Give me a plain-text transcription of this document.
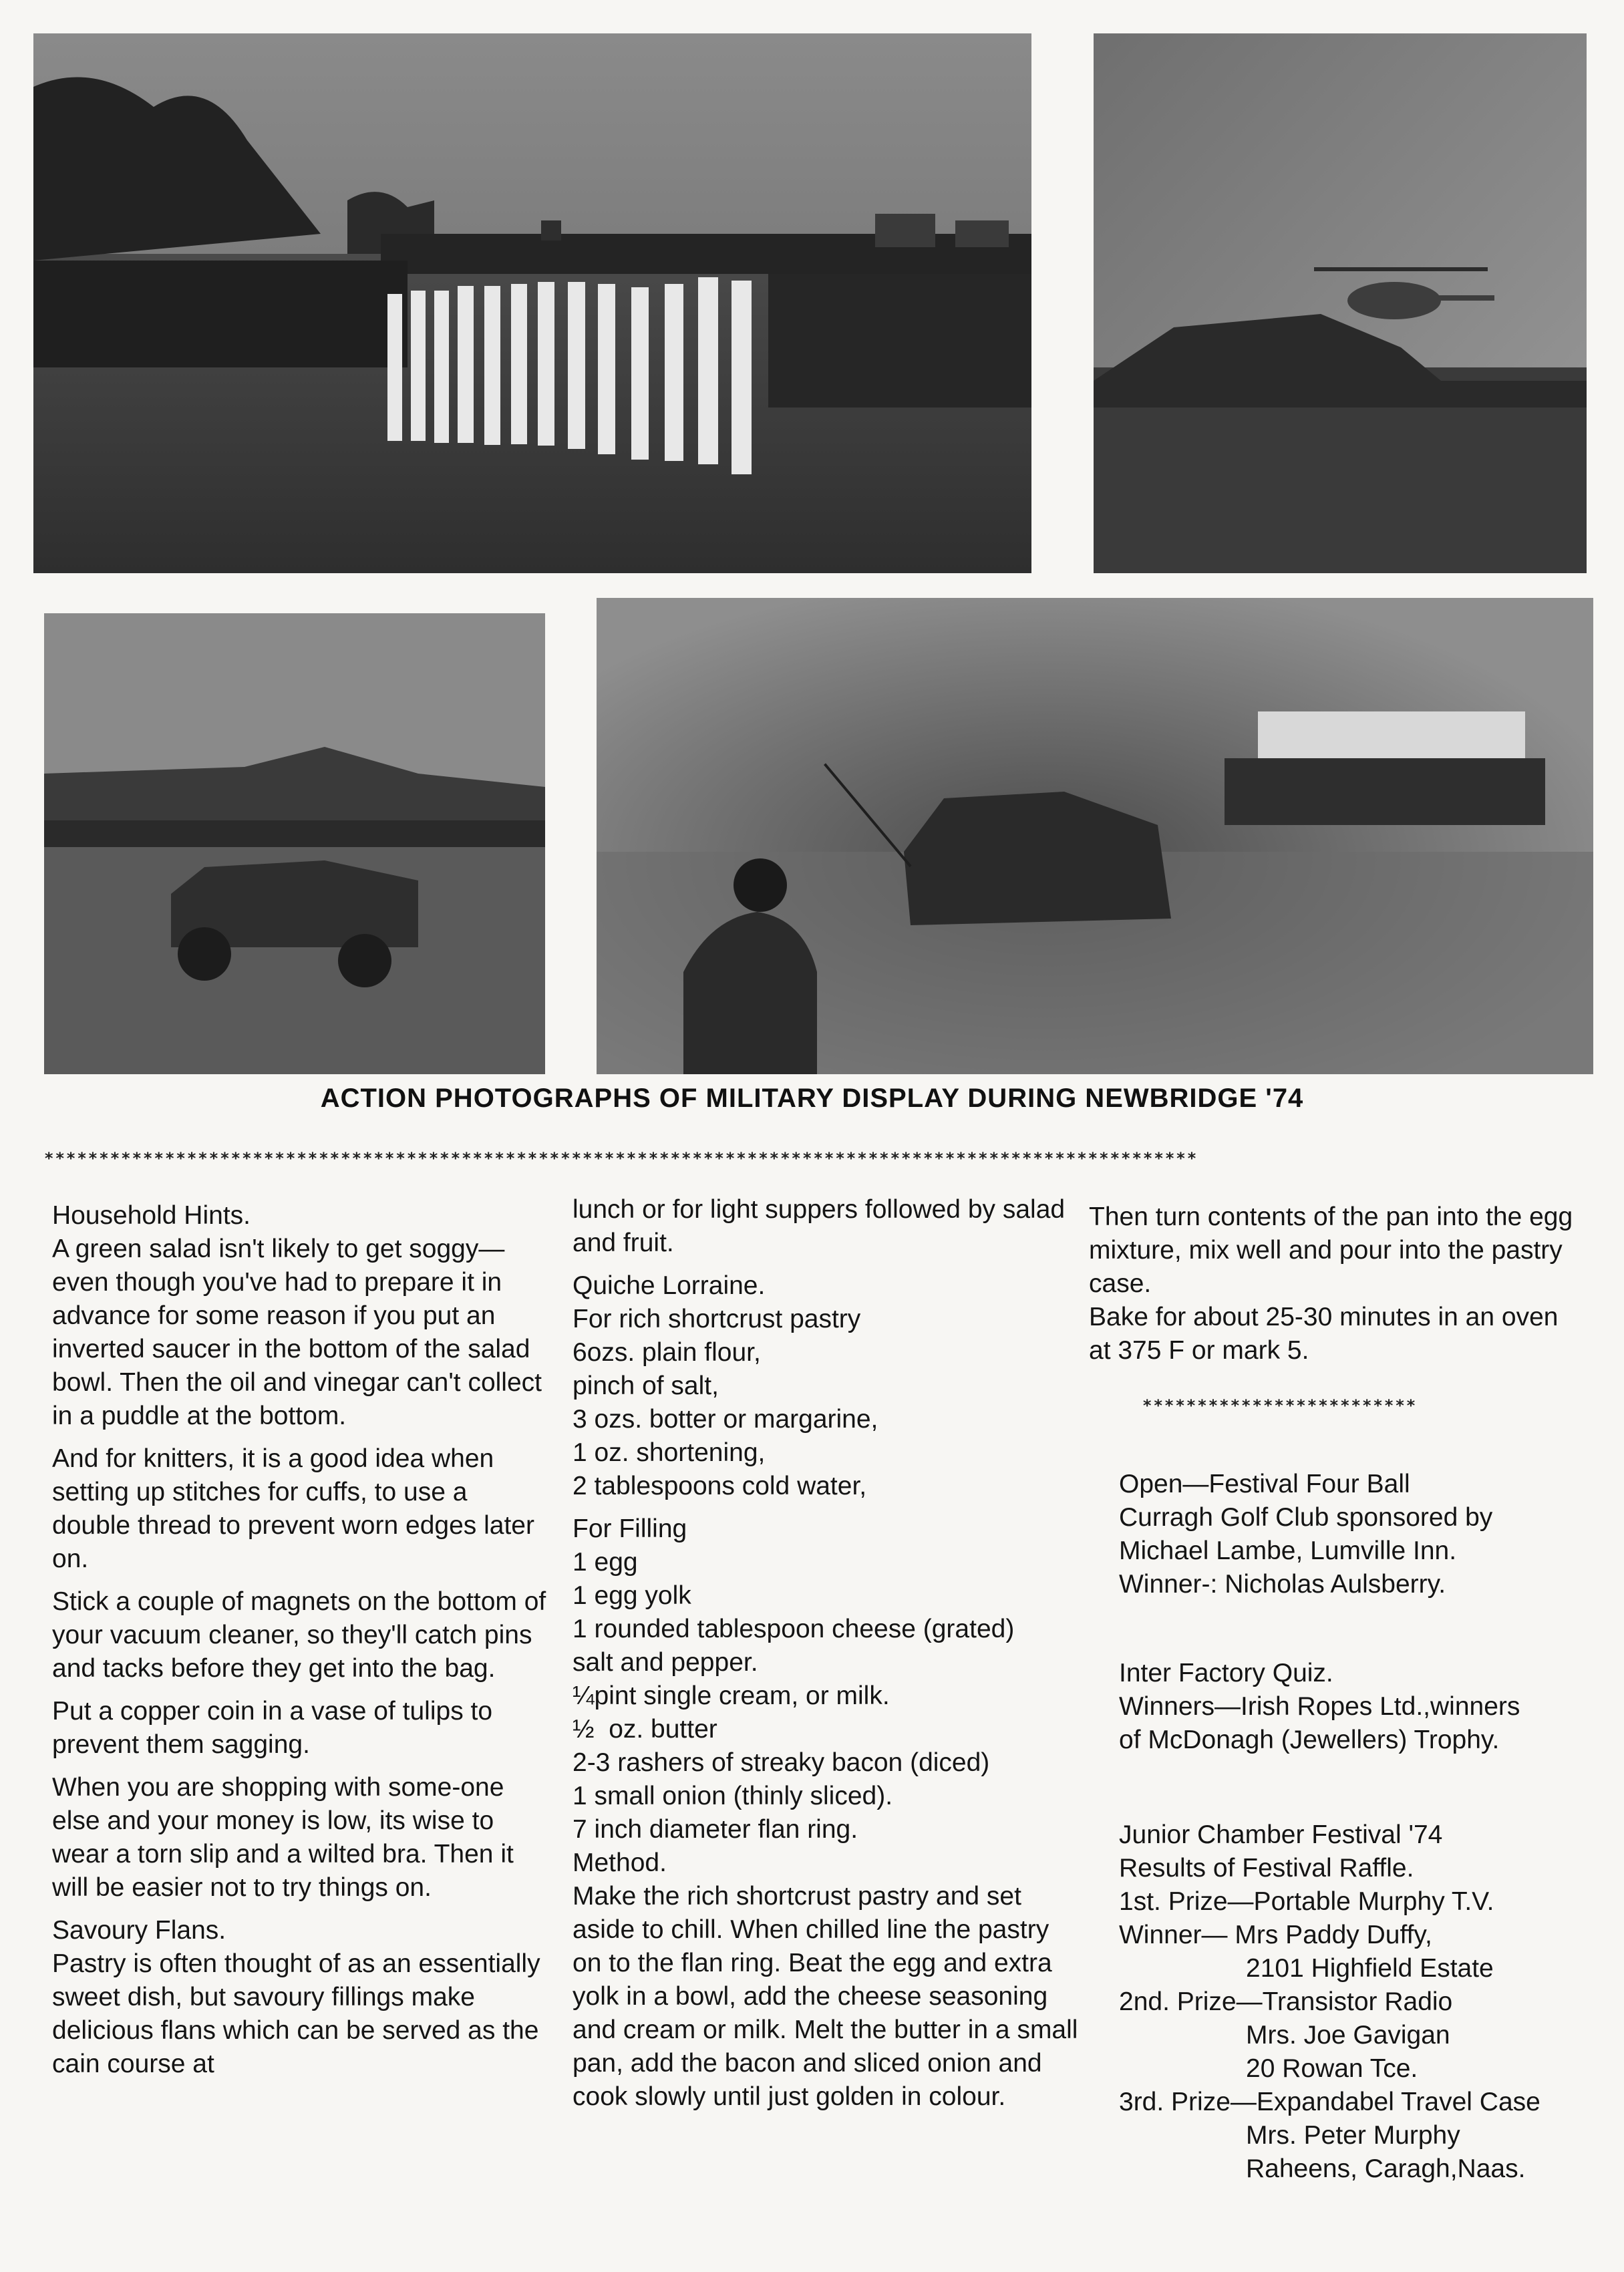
ACTION PHOTOGRAPHS OF MILITARY DISPLAY DURING NEWBRIDGE '74
*********************************************************************************************************

Household Hints.

A green salad isn't likely to get soggy—even though you've had to prepare it in advance for some reason if you put an inverted saucer in the bottom of the salad bowl. Then the oil and vinegar can't collect in a puddle at the bottom.

And for knitters, it is a good idea when setting up stitches for cuffs, to use a double thread to prevent worn edges later on.

Stick a couple of magnets on the bottom of your vacuum cleaner, so they'll catch pins and tacks before they get into the bag.

Put a copper coin in a vase of tulips to prevent them sagging.

When you are shopping with some-one else and your money is low, its wise to wear a torn slip and a wilted bra. Then it will be easier not to try things on.

Savoury Flans.

Pastry is often thought of as an essentially sweet dish, but savoury fillings make delicious flans which can be served as the cain course at

lunch or for light suppers followed by salad and fruit.

Quiche Lorraine.

For rich shortcrust pastry
6ozs. plain flour,
pinch of salt,
3 ozs. botter or margarine,
1 oz. shortening,
2 tablespoons cold water,
For Filling
1 egg
1 egg yolk
1 rounded tablespoon cheese (grated)
salt and pepper.
¼pint single cream, or milk.
½  oz. butter
2-3 rashers of streaky bacon (diced)
1 small onion (thinly sliced).
7 inch diameter flan ring.
Method.

Make the rich shortcrust pastry and set aside to chill. When chilled line the pastry on to the flan ring. Beat the egg and extra yolk in a bowl, add the cheese seasoning and cream or milk. Melt the butter in a small pan, add the bacon and sliced onion and cook slowly until just golden in colour.

Then turn contents of the pan into the egg mixture, mix well and pour into the pastry case.

Bake for about 25-30 minutes in an oven at 375 F or mark 5.

*************************
Open—Festival Four Ball
Curragh Golf Club sponsored by
Michael Lambe, Lumville Inn.
Winner-: Nicholas Aulsberry.
Inter Factory Quiz.
Winners—Irish Ropes Ltd.,winners
of McDonagh (Jewellers) Trophy.
Junior Chamber Festival '74
Results of Festival Raffle.
1st. Prize—Portable Murphy T.V.
Winner— Mrs Paddy Duffy,
2101 Highfield Estate
2nd. Prize—Transistor Radio
Mrs. Joe Gavigan
20 Rowan Tce.
3rd. Prize—Expandabel Travel Case
Mrs. Peter Murphy
Raheens, Caragh,Naas.
